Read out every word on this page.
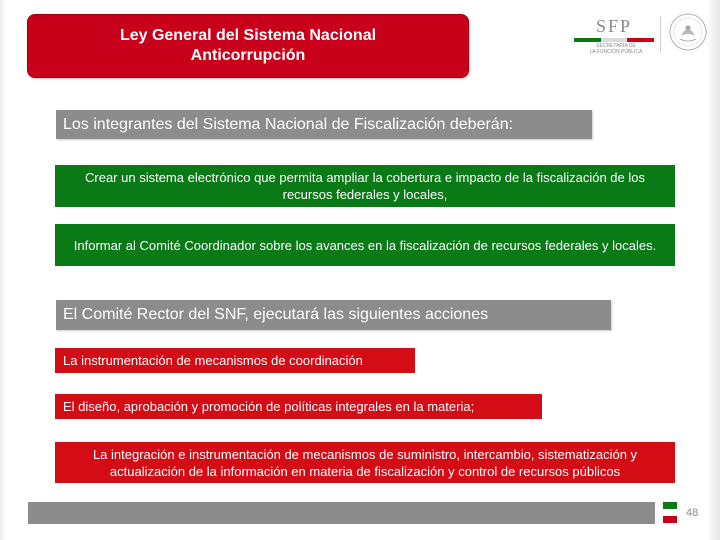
Ley General del Sistema Nacional
Anticorrupción
SFP
SECRETARÍA DE
LA FUNCIÓN PÚBLICA
Los integrantes del Sistema Nacional de Fiscalización deberán:
Crear un sistema electrónico que permita ampliar la cobertura e impacto de la fiscalización de los recursos federales y locales,
Informar al Comité Coordinador sobre los avances en la fiscalización de recursos federales y locales.
El Comité Rector del SNF, ejecutará las siguientes acciones
La instrumentación de mecanismos de coordinación
El diseño, aprobación y promoción de políticas integrales en la materia;
La integración e instrumentación de mecanismos de suministro, intercambio, sistematización y actualización de la información en materia de fiscalización y control de recursos públicos
48
